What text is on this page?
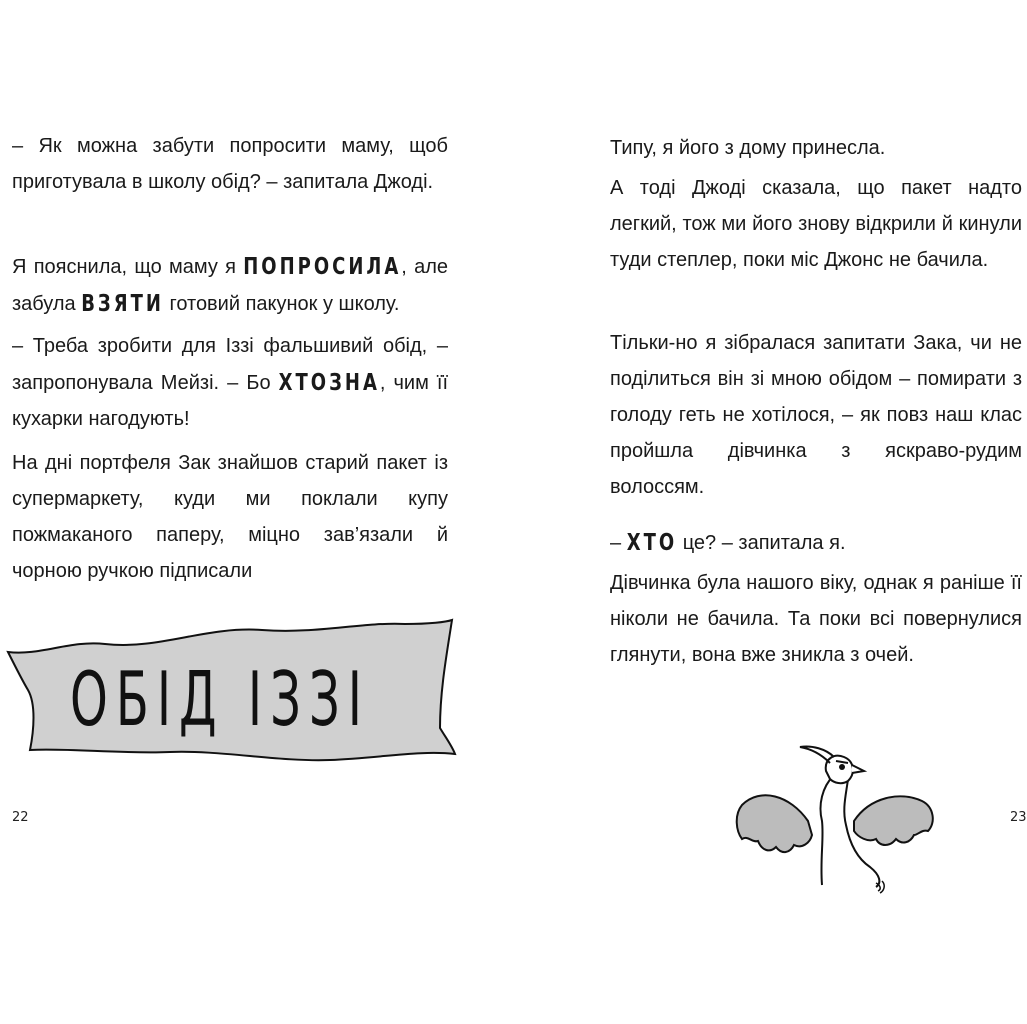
– Як можна забути попросити маму, щоб приготувала в школу обід? – запитала Джоді.

Я пояснила, що маму я ПОПРОСИЛА, але забула ВЗЯТИ готовий пакунок у школу.

– Треба зробити для Іззі фальшивий обід, – запропонувала Мейзі. – Бо ХТОЗНА, чим її кухарки нагодують!

На дні портфеля Зак знайшов старий пакет із супермаркету, куди ми поклали купу пожмаканого паперу, міцно зав’язали й чорною ручкою підписали

ОБІД ІЗЗІ
22

Типу, я його з дому принесла.

А тоді Джоді сказала, що пакет надто легкий, тож ми його знову відкрили й кинули туди степлер, поки міс Джонс не бачила.

Тільки-но я зібралася запитати Зака, чи не поділиться він зі мною обідом – помирати з голоду геть не хотілося, – як повз наш клас пройшла дівчинка з яскраво-рудим волоссям.

– ХТО це? – запитала я.

Дівчинка була нашого віку, однак я раніше її ніколи не бачила. Та поки всі повернулися глянути, вона вже зникла з очей.

23
